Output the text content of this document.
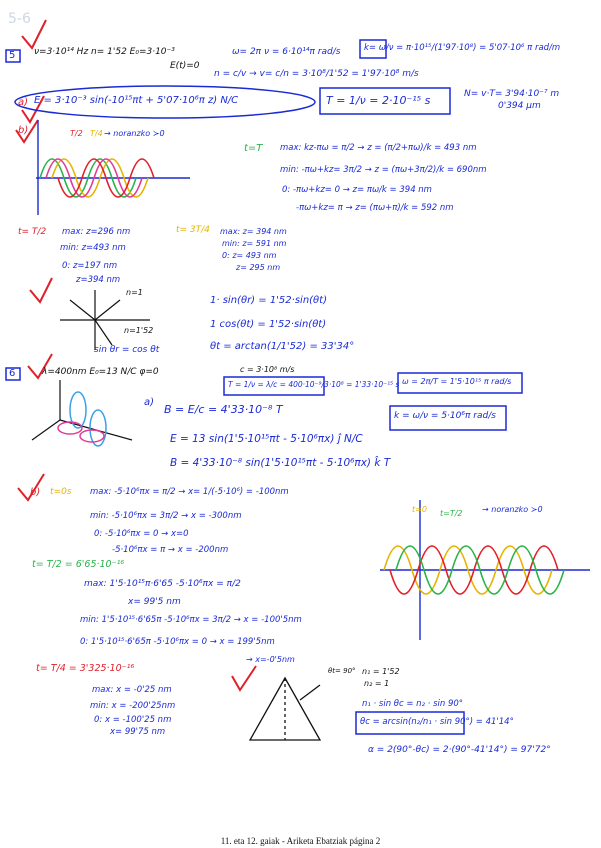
5-6
5 ν=3·10¹⁴ Hz n= 1'52 E₀=3·10⁻³
E(t)=0
ω= 2π ν = 6·10¹⁴π rad/s	k= ω/ν = π·10¹⁵/(1'97·10⁸) = 5'07·10⁶ π rad/m
n = c/v → v= c/n = 3·10⁸/1'52 = 1'97·10⁸ m/s
a) E = 3·10⁻³ sin(-10¹⁵πt + 5'07·10⁶π z) N/C	T = 1/ν = 2·10⁻¹⁵ s	N= v·T= 3'94·10⁻⁷ m
0'394 μm
b)	T/2 T/4 → noranzko ≻0
t=T max: kz-πω = π/2 → z = (π/2+πω)/k = 493 nm
min: -πω+kz= 3π/2 → z = (πω+3π/2)/k = 690nm
0: -πω+kz= 0 → z= πω/k = 394 nm
-πω+kz= π → z= (πω+π)/k = 592 nm
t= T/2 max: z=296 nm
min: z=493 nm
0: z=197 nm
z=394 nm
t= 3T/4 max: z= 394 nm
min: z= 591 nm
0: z= 493 nm
z= 295 nm
n=1
n=1'52
sin θr = cos θt
1· sin(θr) = 1'52·sin(θt)
1 cos(θt) = 1'52·sin(θt)
θt = arctan(1/1'52) = 33'34°
6	λ=400nm E₀=13 N/C φ=0	c = 3·10⁸ m/s
T = 1/ν = λ/c = 400·10⁻⁹/3·10⁸ = 1'33·10⁻¹⁵ s ω = 2π/T = 1'5·10¹⁵ π rad/s
k = ω/ν = 5·10⁶π rad/s
a)
B = E/c = 4'33·10⁻⁸ T
E = 13 sin(1'5·10¹⁵πt - 5·10⁶πx) ĵ N/C
B = 4'33·10⁻⁸ sin(1'5·10¹⁵πt - 5·10⁶πx) k̂ T
b) t=0s max: -5·10⁶πx = π/2 → x= 1/(-5·10⁶) = -100nm
min: -5·10⁶πx = 3π/2 → x = -300nm
0: -5·10⁶πx = 0 → x=0
-5·10⁶πx = π → x = -200nm
t= T/2 = 6'65·10⁻¹⁶
max: 1'5·10¹⁵π·6'65 -5·10⁶πx = π/2
x= 99'5 nm
min: 1'5·10¹⁵·6'65π -5·10⁶πx = 3π/2 → x = -100'5nm
0: 1'5·10¹⁵·6'65π -5·10⁶πx = 0 → x = 199'5nm
→ x=-0'5nm
t= T/4 = 3'325·10⁻¹⁶
max: x = -0'25 nm
min: x = -200'25nm
0: x = -100'25 nm
x= 99'75 nm
t=0 t=T/2 → noranzko ≻0
θt= 90° n₁ = 1'52
n₂ = 1
n₁ · sin θc = n₂ · sin 90°
θc = arcsin(n₂/n₁ · sin 90°) = 41'14°
α = 2(90°-θc) = 2·(90°-41'14°) = 97'72°
11. eta 12. gaiak - Ariketa Ebatziak página 2
